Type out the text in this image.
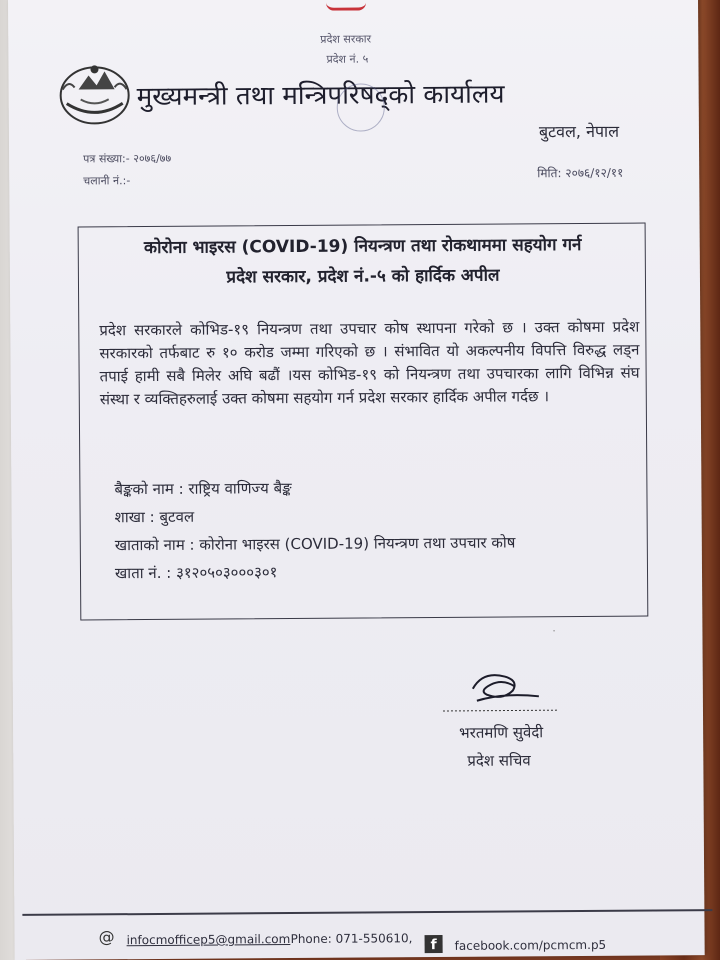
प्रदेश सरकार
प्रदेश नं. ५
मुख्यमन्त्री तथा मन्त्रिपरिषद्को कार्यालय
बुटवल, नेपाल
पत्र संख्या:- २०७६/७७
चलानी नं.:-
मिति: २०७६/१२/११
कोरोना भाइरस (COVID-19) नियन्त्रण तथा रोकथाममा सहयोग गर्न
प्रदेश सरकार, प्रदेश नं.-५ को हार्दिक अपील
प्रदेश सरकारले कोभिड-१९ नियन्त्रण तथा उपचार कोष स्थापना गरेको छ । उक्त कोषमा प्रदेश सरकारको तर्फबाट रु १० करोड जम्मा गरिएको छ । संभावित यो अकल्पनीय विपत्ति विरुद्ध लड्न तपाई हामी सबै मिलेर अघि बढौं ।यस कोभिड-१९ को नियन्त्रण तथा उपचारका लागि विभिन्न संघ संस्था र व्यक्तिहरुलाई उक्त कोषमा सहयोग गर्न प्रदेश सरकार हार्दिक अपील गर्दछ ।
बैङ्कको नाम : राष्ट्रिय वाणिज्य बैङ्क
शाखा : बुटवल
खाताको नाम : कोरोना भाइरस (COVID-19) नियन्त्रण तथा उपचार कोष
खाता नं. : ३१२०५०३०००३०१
·
भरतमणि सुवेदी
प्रदेश सचिव
@ infocmofficep5@gmail.com Phone: 071-550610,	f	facebook.com/pcmcm.p5
